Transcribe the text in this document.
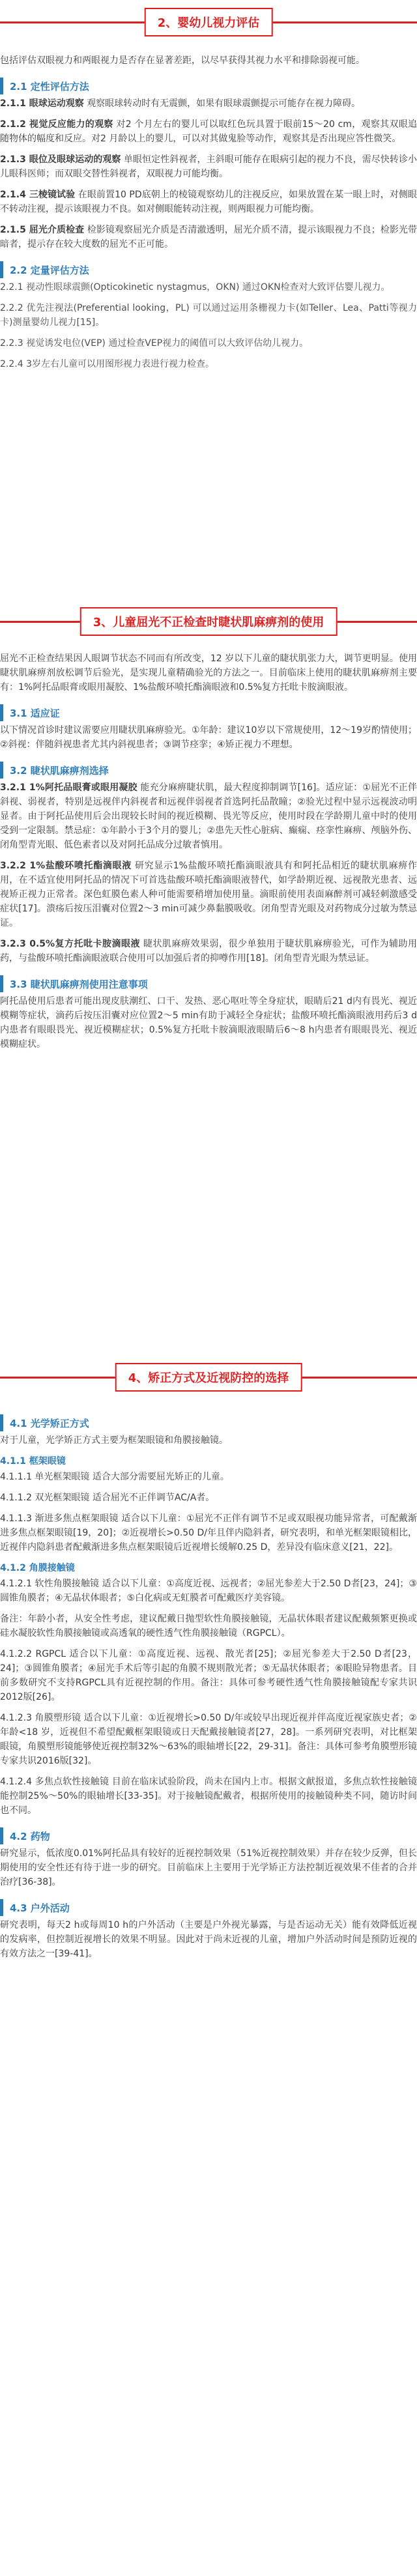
2、婴幼儿视力评估

包括评估双眼视力和两眼视力是否存在显著差距，以尽早获得其视力水平和排除弱视可能。

2.1 定性评估方法

2.1.1 眼球运动观察 观察眼球转动时有无震颤，如果有眼球震颤提示可能存在视力障碍。

2.1.2 视觉反应能力的观察 对2 个月左右的婴儿可以取红色玩具置于眼前15～20 cm，观察其双眼追随物体的幅度和反应。对2 月龄以上的婴儿，可以对其做鬼脸等动作，观察其是否出现应答性微笑。

2.1.3 眼位及眼球运动的观察 单眼恒定性斜视者，主斜眼可能存在眼病引起的视力不良，需尽快转诊小儿眼科医师；而双眼交替性斜视者，双眼视力可能均衡。

2.1.4 三棱镜试验 在眼前置10 PD底朝上的棱镜观察幼儿的注视反应，如果放置在某一眼上时，对侧眼不转动注视，提示该眼视力不良。如对侧眼能转动注视，则两眼视力可能均衡。

2.1.5 屈光介质检查 检影镜观察屈光介质是否清澈透明，屈光介质不清，提示该眼视力不良；检影光带暗者，提示存在较大度数的屈光不正可能。

2.2 定量评估方法

2.2.1 视动性眼球震颤(Opticokinetic nystagmus，OKN) 通过OKN检查对大致评估婴儿视力。

2.2.2 优先注视法(Preferential looking，PL) 可以通过运用条栅视力卡(如Teller、Lea、Patti等视力卡)测量婴幼儿视力[15]。

2.2.3 视觉诱发电位(VEP) 通过检查VEP视力的阈值可以大致评估幼儿视力。

2.2.4 3岁左右儿童可以用图形视力表进行视力检查。

3、儿童屈光不正检查时睫状肌麻痹剂的使用

屈光不正检查结果因人眼调节状态不同而有所改变，12 岁以下儿童的睫状肌张力大，调节更明显。使用睫状肌麻痹剂放松调节后验光，是实现儿童精确验光的方法之一。目前临床上使用的睫状肌麻痹剂主要有：1%阿托品眼膏或眼用凝胶、1%盐酸环喷托酯滴眼液和0.5%复方托吡卡胺滴眼液。

3.1 适应证

以下情况首诊时建议需要应用睫状肌麻痹验光。①年龄：建议10岁以下常规使用，12～19岁酌情使用；②斜视：伴随斜视患者尤其内斜视患者；③调节痉挛；④矫正视力不理想。

3.2 睫状肌麻痹剂选择

3.2.1 1%阿托品眼膏或眼用凝胶 能充分麻痹睫状肌，最大程度抑制调节[16]。适应证：①屈光不正伴斜视、弱视者，特别是远视伴内斜视者和远视伴弱视者首选阿托品散瞳；②验光过程中显示远视波动明显者。由于阿托品使用后会出现较长时间的视近模糊、畏光等反应，使用时段在学龄期儿童中时的使用受到一定限制。禁忌症：①年龄小于3个月的婴儿；②患先天性心脏病、癫痫、痉挛性麻痹、颅脑外伤、闭角型青光眼、低色素者以及对阿托品成分过敏者慎用。

3.2.2 1%盐酸环喷托酯滴眼液 研究显示1%盐酸环喷托酯滴眼液具有和阿托品相近的睫状肌麻痹作用，在不适宜使用阿托品的情况下可首选盐酸环喷托酯滴眼液替代，如学龄期近视、远视散光患者、远视矫正视力正常者。深色虹膜色素人种可能需要稍增加使用量。滴眼前使用表面麻醉剂可减轻刺激感受症状[17]。溃疡后按压泪囊对位置2～3 min可减少鼻黏膜吸收。闭角型青光眼及对药物成分过敏为禁忌证。

3.2.3 0.5%复方托吡卡胺滴眼液 睫状肌麻痹效果弱，很少单独用于睫状肌麻痹验光，可作为辅助用药，与盐酸环喷托酯滴眼液联合使用可以加强后者的抑噂作用[18]。闭角型青光眼为禁忌证。

3.3 睫状肌麻痹剂使用注意事项

阿托品使用后患者可能出现皮肤潮红、口干、发热、恶心呕吐等全身症状，眼睛后21 d内有畏光、视近模糊等症状，滴药后按压泪囊对应位置2～5 min有助于减轻全身症状；盐酸环喷托酯滴眼液用药后3 d内患者有眼眼畏光、视近模糊症状；0.5%复方托吡卡胺滴眼液眼睛后6～8 h内患者有眼眼畏光、视近模糊症状。

4、矫正方式及近视防控的选择
4.1 光学矫正方式

对于儿童，光学矫正方式主要为框架眼镜和角膜接触镜。

4.1.1 框架眼镜

4.1.1.1 单光框架眼镜 适合大部分需要屈光矫正的儿童。

4.1.1.2 双光框架眼镜 适合屈光不正伴调节AC/A者。

4.1.1.3 渐进多焦点框架眼镜 适合以下儿童：①屈光不正伴有调节不足或双眼视功能异常者，可配戴渐进多焦点框架眼镜[19，20]；②近视增长>0.50 D/年且伴内隐斜者，研究表明，和单光框架眼镜相比，近视伴内隐斜患者配戴渐进多焦点框架眼镜后近视增长缓解0.25 D，差异没有临床意义[21，22]。

4.1.2 角膜接触镜

4.1.2.1 软性角膜接触镜 适合以下儿童：①高度近视、远视者；②屈光参差大于2.50 D者[23，24]；③圆锥角膜者；④无晶状体眼者；⑤白化病或无虹膜者可配戴医疗美容镜。

备注：年龄小者，从安全性考虑，建议配戴日抛型软性角膜接触镜，无晶状体眼者建议配戴频繁更换或硅水凝胶软性角膜接触镜或高透氧的硬性透气性角膜接触镜（RGPCL）。

4.1.2.2 RGPCL 适合以下儿童：①高度近视、远视、散光者[25]；②屈光参差大于2.50 D者[23，24]；③圆锥角膜者；④屈光手术后等引起的角膜不规则散光者；⑤无晶状体眼者；⑥眼睑异物患者。目前多数研究不支持RGPCL具有近视控制的作用。备注：具体可参考硬性透气性角膜接触镜配专家共识2012版[26]。

4.1.2.3 角膜塑形镜 适合以下儿童：①近视增长>0.50 D/年或较早出现近视并伴高度近视家族史者；②年龄<18 岁，近视但不希望配戴框架眼镜或日天配戴接触镜者[27，28]。一系列研究表明，对比框架眼镜，角膜塑形镜能够使近视控制32%～63%的眼轴增长[22，29-31]。备注：具体可参考角膜塑形镜专家共识2016版[32]。

4.1.2.4 多焦点软性接触镜 目前在临床试验阶段，尚未在国内上市。根据文献报道，多焦点软性接触镜能控制25%～50%的眼轴增长[33-35]。对于接触镜配戴者，根据所使用的接触镜种类不同，随访时间也不同。

4.2 药物

研究显示，低浓度0.01%阿托品具有较好的近视控制效果（51%近视控制效果）并存在较少反弹，但长期使用的安全性还有待于进一步的研究。目前临床上主要用于光学矫正方法控制近视效果不佳者的合并治疗[36-38]。

4.3 户外活动

研究表明，每天2 h或每周10 h的户外活动（主要是户外视光暴露，与是否运动无关）能有效降低近视的发病率，但控制近视增长的效果不明显。因此对于尚未近视的儿童，增加户外活动时间是预防近视的有效方法之一[39-41]。
